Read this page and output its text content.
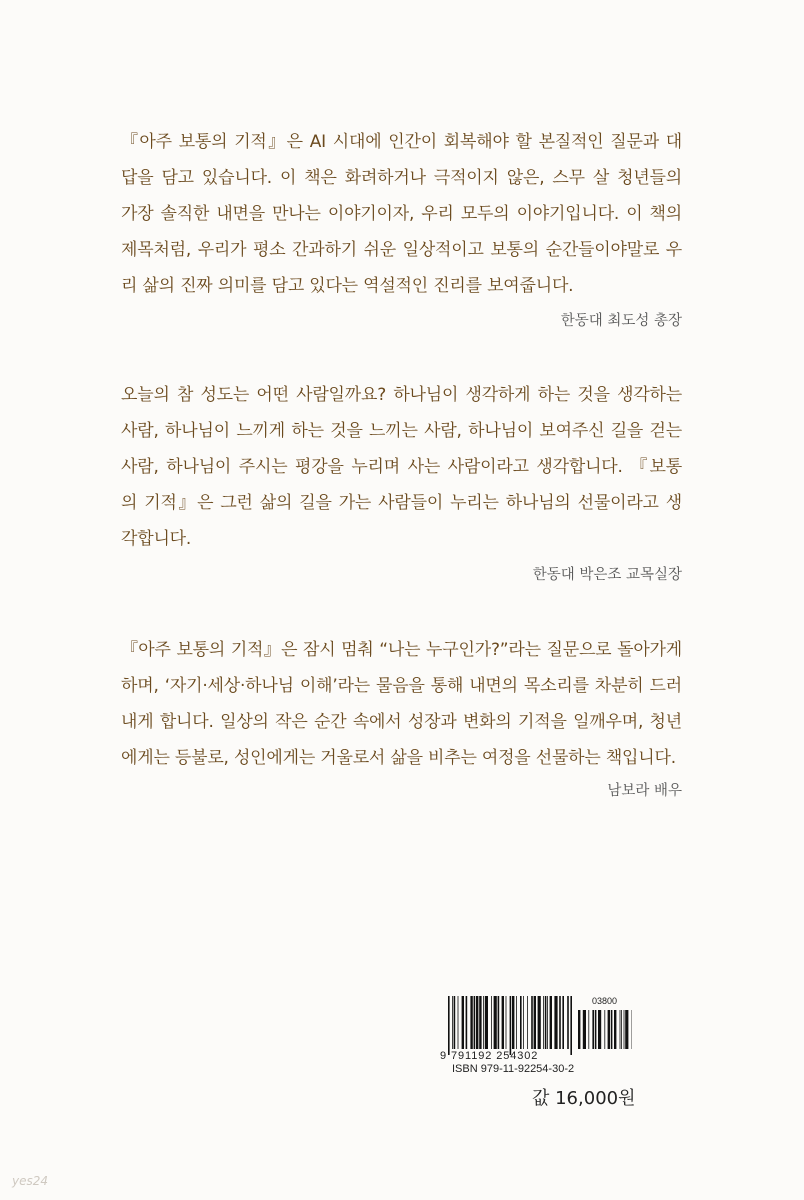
『아주 보통의 기적』은 AI 시대에 인간이 회복해야 할 본질적인 질문과 대
답을 담고 있습니다. 이 책은 화려하거나 극적이지 않은, 스무 살 청년들의
가장 솔직한 내면을 만나는 이야기이자, 우리 모두의 이야기입니다. 이 책의
제목처럼, 우리가 평소 간과하기 쉬운 일상적이고 보통의 순간들이야말로 우
리 삶의 진짜 의미를 담고 있다는 역설적인 진리를 보여줍니다.

한동대 최도성 총장

오늘의 참 성도는 어떤 사람일까요? 하나님이 생각하게 하는 것을 생각하는
사람, 하나님이 느끼게 하는 것을 느끼는 사람, 하나님이 보여주신 길을 걷는
사람, 하나님이 주시는 평강을 누리며 사는 사람이라고 생각합니다. 『보통
의 기적』은 그런 삶의 길을 가는 사람들이 누리는 하나님의 선물이라고 생
각합니다.

한동대 박은조 교목실장

『아주 보통의 기적』은 잠시 멈춰 “나는 누구인가?”라는 질문으로 돌아가게
하며, ‘자기·세상·하나님 이해’라는 물음을 통해 내면의 목소리를 차분히 드러
내게 합니다. 일상의 작은 순간 속에서 성장과 변화의 기적을 일깨우며, 청년
에게는 등불로, 성인에게는 거울로서 삶을 비추는 여정을 선물하는 책입니다.

남보라 배우

03800
9 791192 254302
ISBN 979-11-92254-30-2

값 16,000원

yes24
